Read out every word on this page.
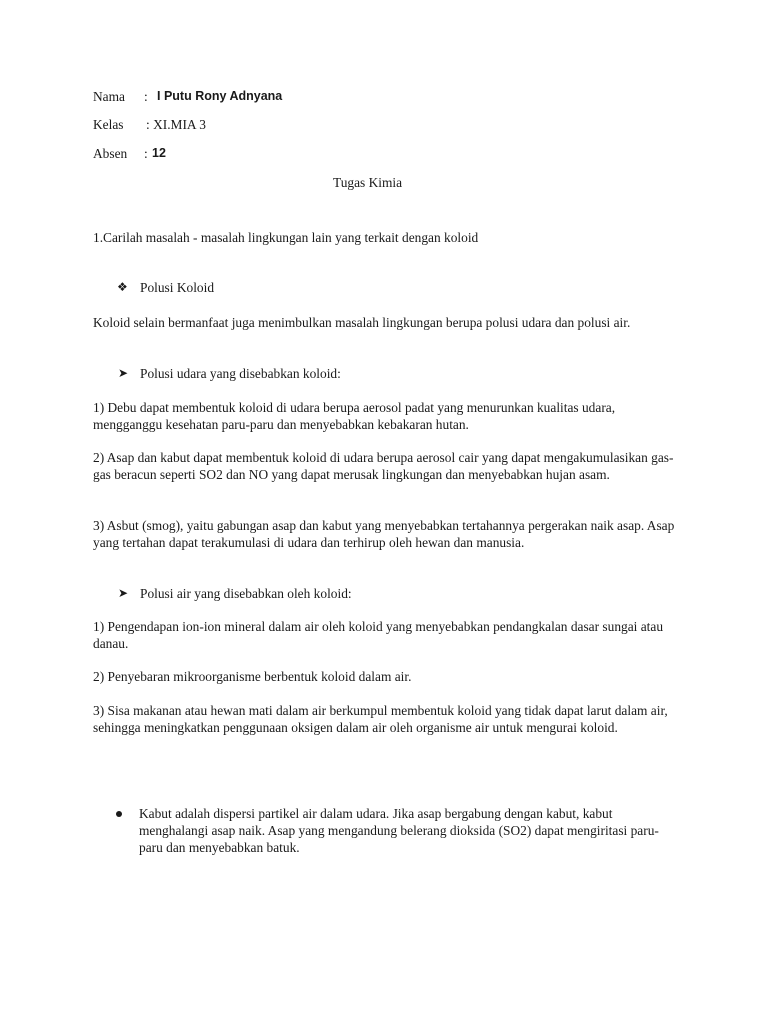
Nama : I Putu Rony Adnyana
Kelas : XI.MIA 3
Absen : 12
Tugas Kimia
1.Carilah masalah - masalah lingkungan lain yang terkait dengan koloid
❖ Polusi Koloid
Koloid selain bermanfaat juga menimbulkan masalah lingkungan berupa polusi udara dan polusi air.
➤ Polusi udara yang disebabkan koloid:
1) Debu dapat membentuk koloid di udara berupa aerosol padat yang menurunkan kualitas udara, mengganggu kesehatan paru-paru dan menyebabkan kebakaran hutan.
2) Asap dan kabut dapat membentuk koloid di udara berupa aerosol cair yang dapat mengakumulasikan gas-gas beracun seperti SO2 dan NO yang dapat merusak lingkungan dan menyebabkan hujan asam.
3) Asbut (smog), yaitu gabungan asap dan kabut yang menyebabkan tertahannya pergerakan naik asap. Asap yang tertahan dapat terakumulasi di udara dan terhirup oleh hewan dan manusia.
➤ Polusi air yang disebabkan oleh koloid:
1) Pengendapan ion-ion mineral dalam air oleh koloid yang menyebabkan pendangkalan dasar sungai atau danau.
2) Penyebaran mikroorganisme berbentuk koloid dalam air.
3) Sisa makanan atau hewan mati dalam air berkumpul membentuk koloid yang tidak dapat larut dalam air, sehingga meningkatkan penggunaan oksigen dalam air oleh organisme air untuk mengurai koloid.
Kabut adalah dispersi partikel air dalam udara. Jika asap bergabung dengan kabut, kabut menghalangi asap naik. Asap yang mengandung belerang dioksida (SO2) dapat mengiritasi paru-paru dan menyebabkan batuk.
